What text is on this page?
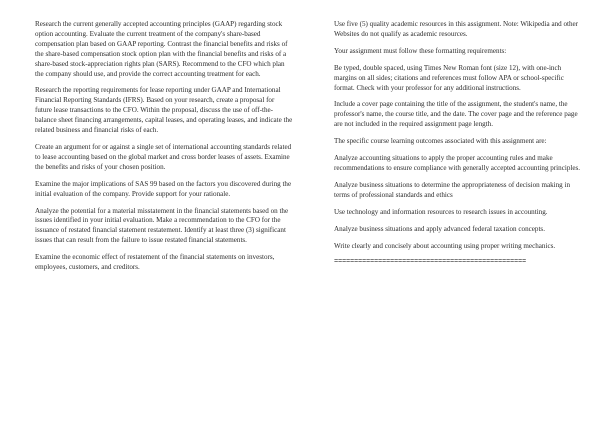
Research the current generally accepted accounting principles (GAAP) regarding stock option accounting. Evaluate the current treatment of the company's share-based compensation plan based on GAAP reporting. Contrast the financial benefits and risks of the share-based compensation stock option plan with the financial benefits and risks of a share-based stock-appreciation rights plan (SARS). Recommend to the CFO which plan the company should use, and provide the correct accounting treatment for each.

Research the reporting requirements for lease reporting under GAAP and International Financial Reporting Standards (IFRS). Based on your research, create a proposal for future lease transactions to the CFO. Within the proposal, discuss the use of off-the-balance sheet financing arrangements, capital leases, and operating leases, and indicate the related business and financial risks of each.

Create an argument for or against a single set of international accounting standards related to lease accounting based on the global market and cross border leases of assets. Examine the benefits and risks of your chosen position.

Examine the major implications of SAS 99 based on the factors you discovered during the initial evaluation of the company. Provide support for your rationale.

Analyze the potential for a material misstatement in the financial statements based on the issues identified in your initial evaluation. Make a recommendation to the CFO for the issuance of restated financial statement restatement. Identify at least three (3) significant issues that can result from the failure to issue restated financial statements.

Examine the economic effect of restatement of the financial statements on investors, employees, customers, and creditors.

Use five (5) quality academic resources in this assignment. Note: Wikipedia and other Websites do not qualify as academic resources.

Your assignment must follow these formatting requirements:

Be typed, double spaced, using Times New Roman font (size 12), with one-inch margins on all sides; citations and references must follow APA or school-specific format. Check with your professor for any additional instructions.

Include a cover page containing the title of the assignment, the student's name, the professor's name, the course title, and the date. The cover page and the reference page are not included in the required assignment page length.

The specific course learning outcomes associated with this assignment are:

Analyze accounting situations to apply the proper accounting rules and make recommendations to ensure compliance with generally accepted accounting principles.

Analyze business situations to determine the appropriateness of decision making in terms of professional standards and ethics

Use technology and information resources to research issues in accounting.

Analyze business situations and apply advanced federal taxation concepts.

Write clearly and concisely about accounting using proper writing mechanics.

================================================
